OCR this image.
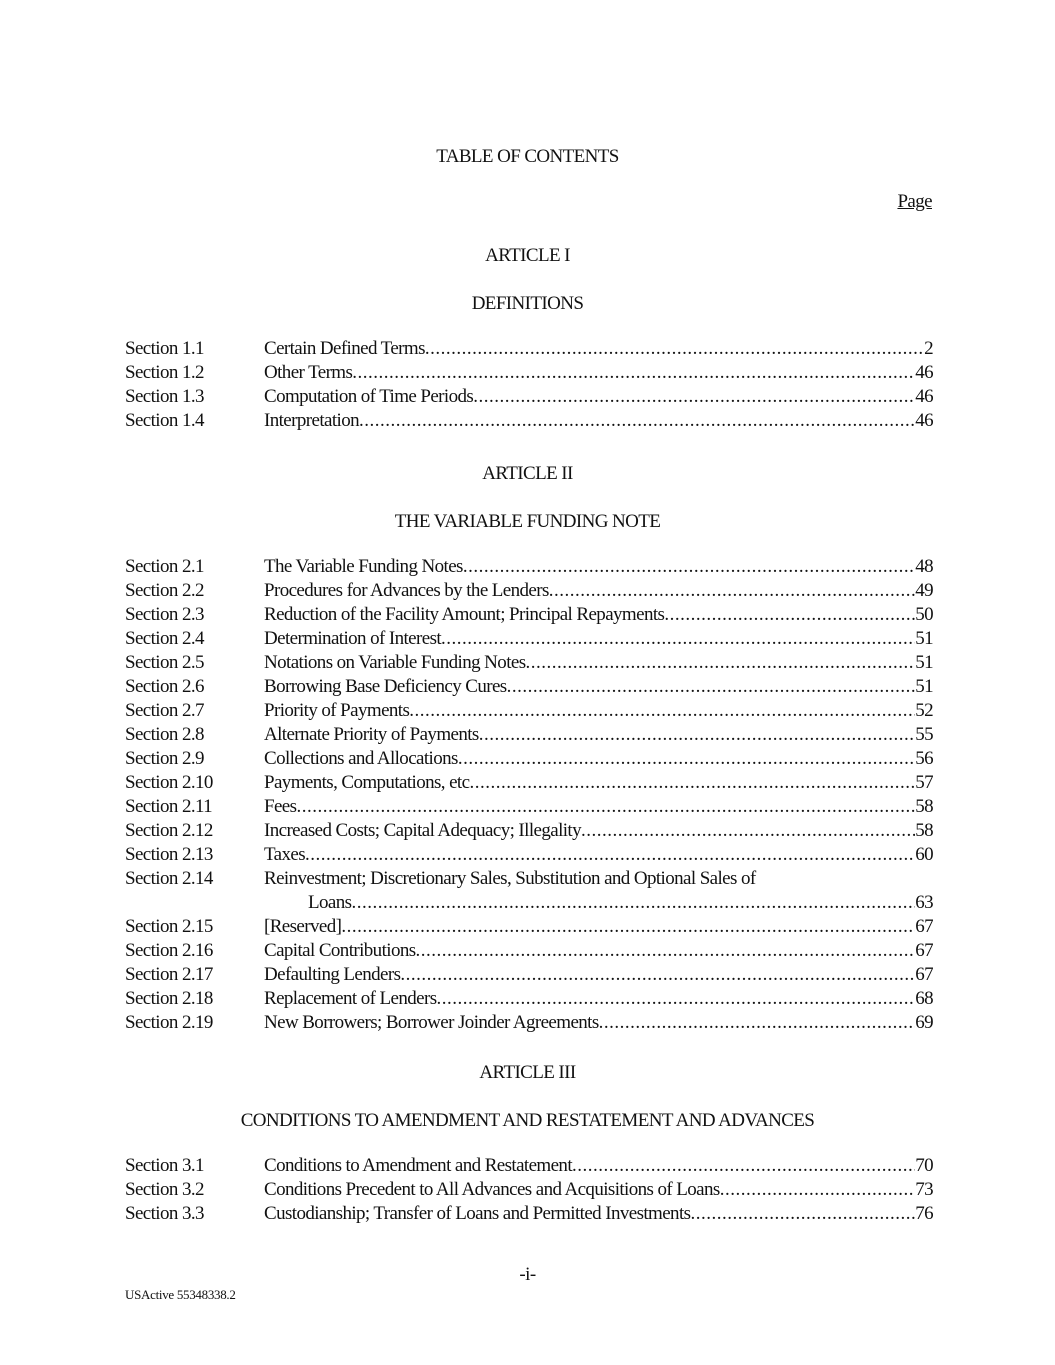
TABLE OF CONTENTS
Page
ARTICLE I
DEFINITIONS
Section 1.1	Certain Defined Terms .....	2
Section 1.2	Other Terms .....	46
Section 1.3	Computation of Time Periods .....	46
Section 1.4	Interpretation .....	46
ARTICLE II
THE VARIABLE FUNDING NOTE
Section 2.1	The Variable Funding Notes .....	48
Section 2.2	Procedures for Advances by the Lenders .....	49
Section 2.3	Reduction of the Facility Amount; Principal Repayments .....	50
Section 2.4	Determination of Interest .....	51
Section 2.5	Notations on Variable Funding Notes .....	51
Section 2.6	Borrowing Base Deficiency Cures .....	51
Section 2.7	Priority of Payments .....	52
Section 2.8	Alternate Priority of Payments .....	55
Section 2.9	Collections and Allocations .....	56
Section 2.10	Payments, Computations, etc .....	57
Section 2.11	Fees .....	58
Section 2.12	Increased Costs; Capital Adequacy; Illegality .....	58
Section 2.13	Taxes .....	60
Section 2.14	Reinvestment; Discretionary Sales, Substitution and Optional Sales of
Loans .....	63
Section 2.15	[Reserved] .....	67
Section 2.16	Capital Contributions .....	67
Section 2.17	Defaulting Lenders .....	67
Section 2.18	Replacement of Lenders .....	68
Section 2.19	New Borrowers; Borrower Joinder Agreements .....	69
ARTICLE III
CONDITIONS TO AMENDMENT AND RESTATEMENT AND ADVANCES
Section 3.1	Conditions to Amendment and Restatement .....	70
Section 3.2	Conditions Precedent to All Advances and Acquisitions of Loans .....	73
Section 3.3	Custodianship; Transfer of Loans and Permitted Investments .....	76
-i-
USActive 55348338.2
